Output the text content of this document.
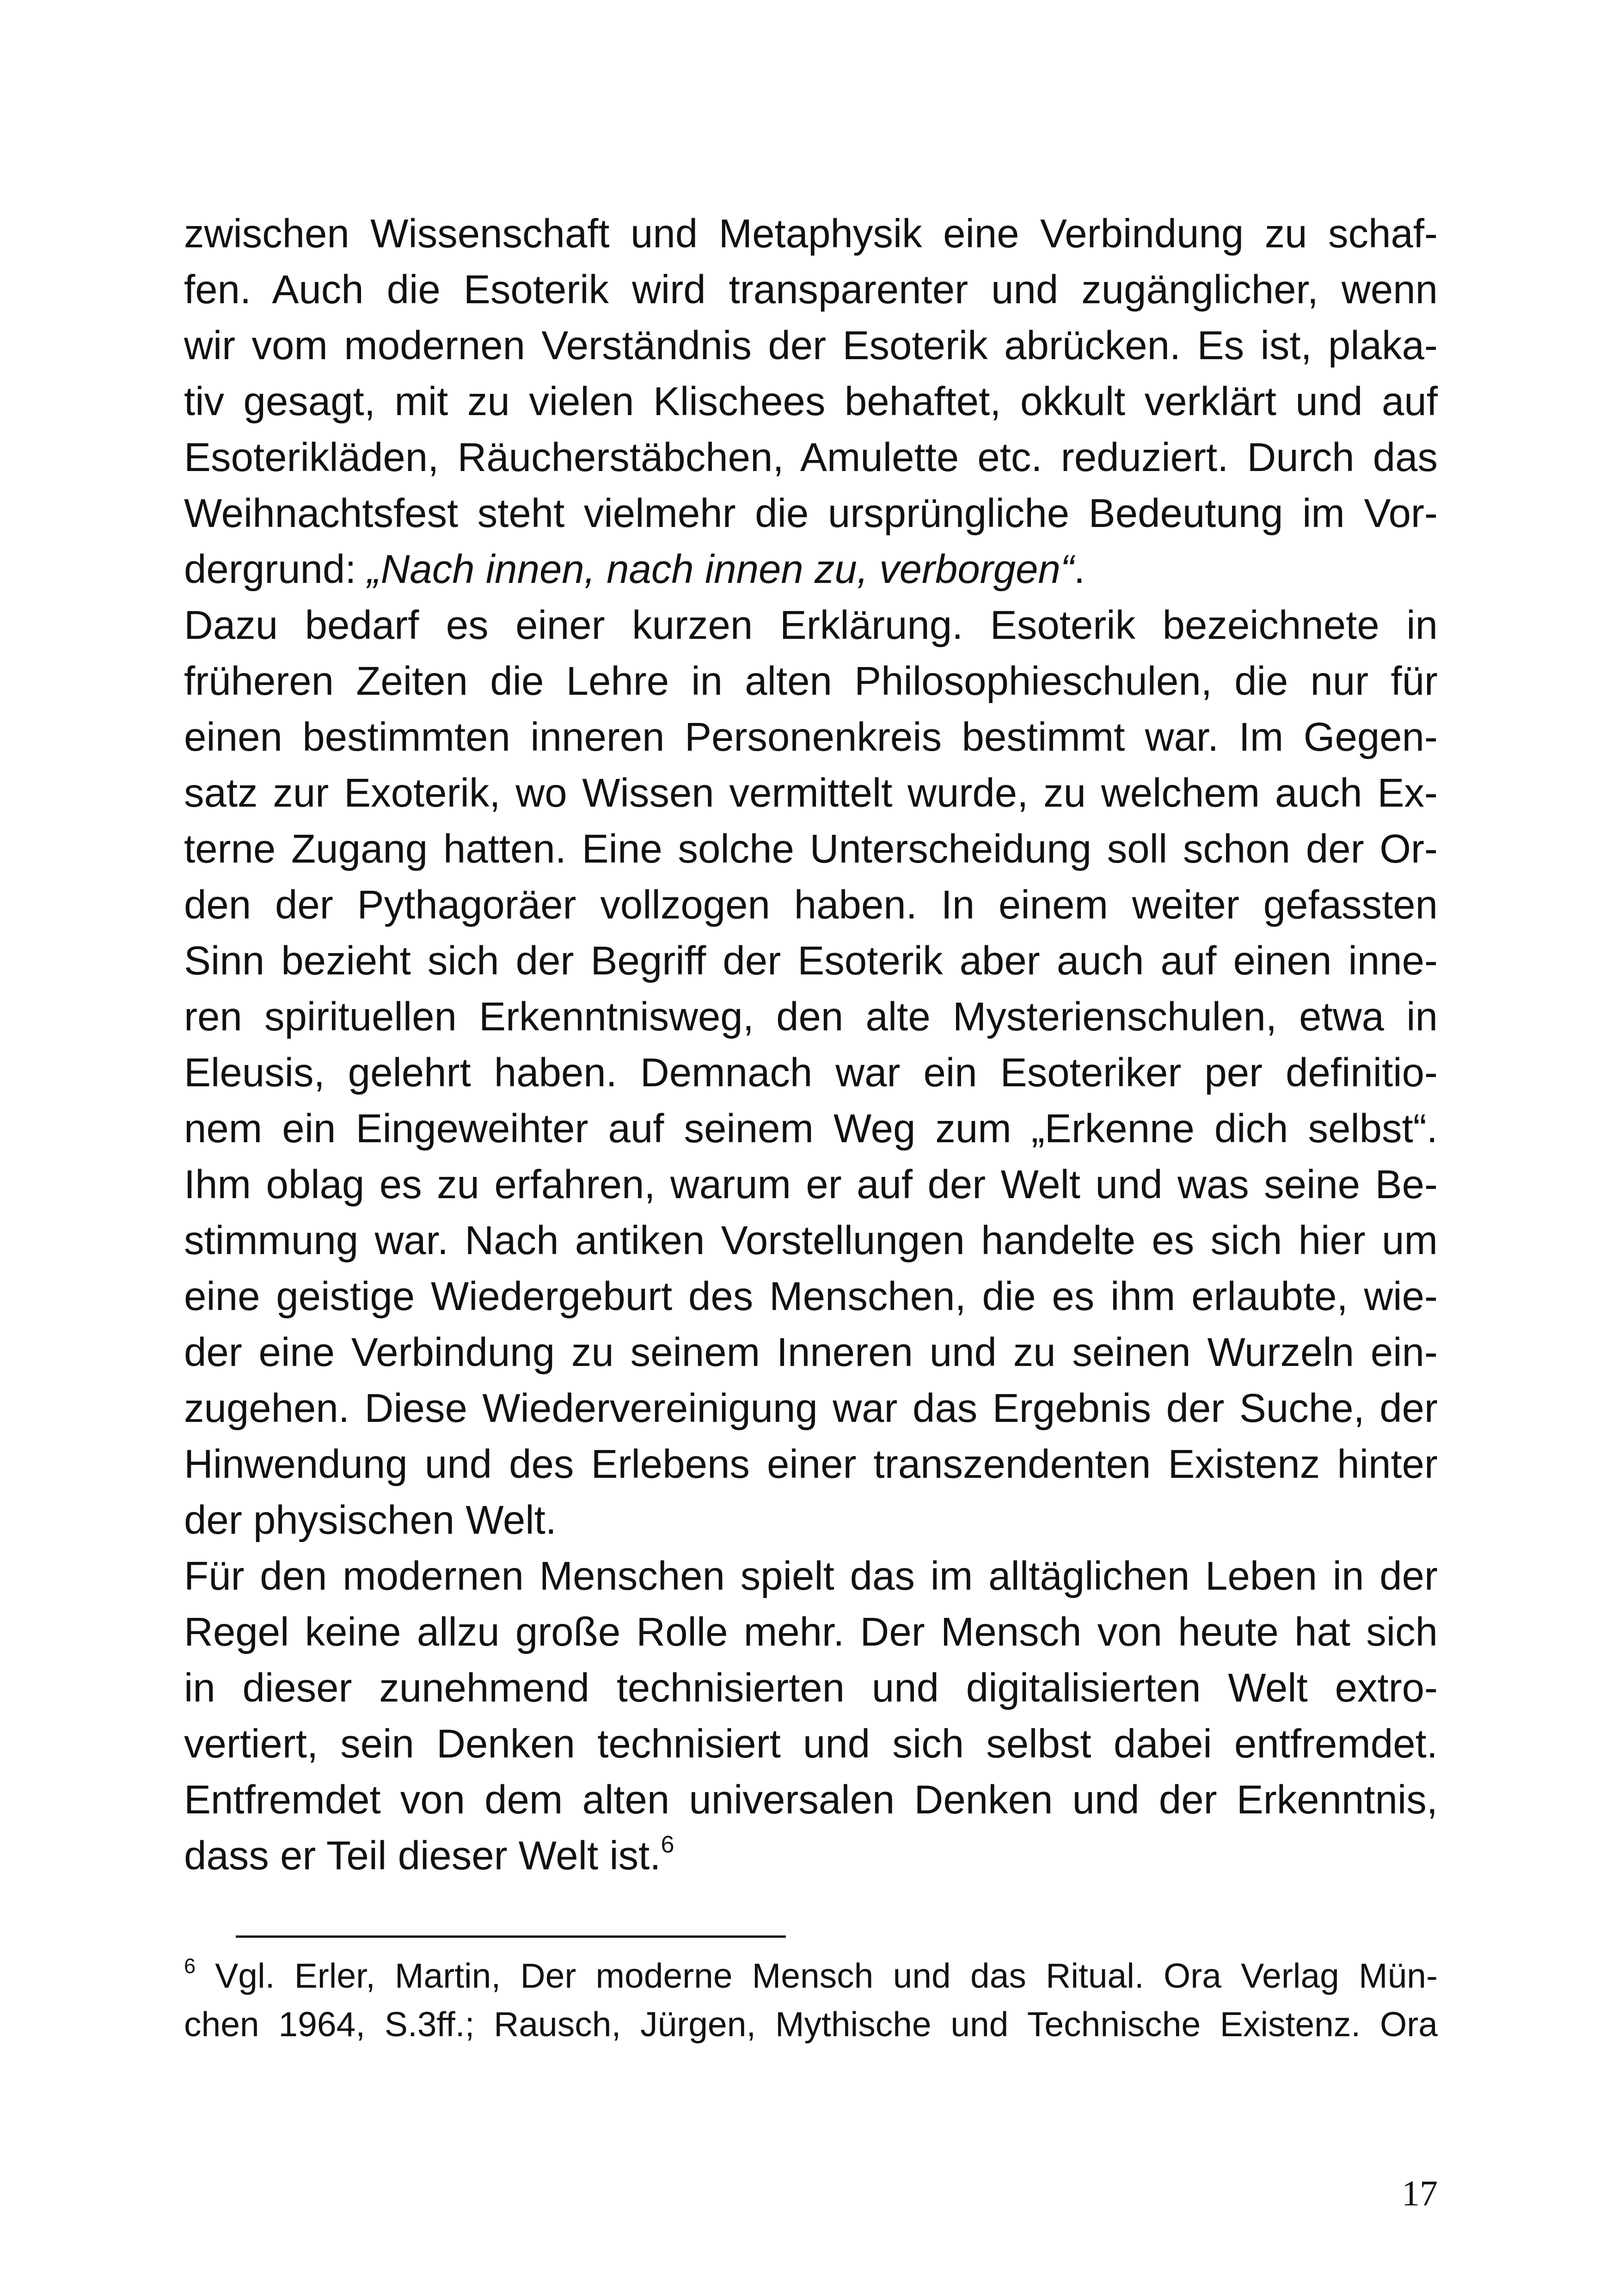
zwischen Wissenschaft und Metaphysik eine Verbindung zu schaf-
fen. Auch die Esoterik wird transparenter und zugänglicher, wenn
wir vom modernen Verständnis der Esoterik abrücken. Es ist, plaka-
tiv gesagt, mit zu vielen Klischees behaftet, okkult verklärt und auf
Esoterikläden, Räucherstäbchen, Amulette etc. reduziert. Durch das
Weihnachtsfest steht vielmehr die ursprüngliche Bedeutung im Vor-
dergrund: „Nach innen, nach innen zu, verborgen“.
Dazu bedarf es einer kurzen Erklärung. Esoterik bezeichnete in
früheren Zeiten die Lehre in alten Philosophieschulen, die nur für
einen bestimmten inneren Personenkreis bestimmt war. Im Gegen-
satz zur Exoterik, wo Wissen vermittelt wurde, zu welchem auch Ex-
terne Zugang hatten. Eine solche Unterscheidung soll schon der Or-
den der Pythagoräer vollzogen haben. In einem weiter gefassten
Sinn bezieht sich der Begriff der Esoterik aber auch auf einen inne-
ren spirituellen Erkenntnisweg, den alte Mysterienschulen, etwa in
Eleusis, gelehrt haben. Demnach war ein Esoteriker per definitio-
nem ein Eingeweihter auf seinem Weg zum „Erkenne dich selbst“.
Ihm oblag es zu erfahren, warum er auf der Welt und was seine Be-
stimmung war. Nach antiken Vorstellungen handelte es sich hier um
eine geistige Wiedergeburt des Menschen, die es ihm erlaubte, wie-
der eine Verbindung zu seinem Inneren und zu seinen Wurzeln ein-
zugehen. Diese Wiedervereinigung war das Ergebnis der Suche, der
Hinwendung und des Erlebens einer transzendenten Existenz hinter
der physischen Welt.
Für den modernen Menschen spielt das im alltäglichen Leben in der
Regel keine allzu große Rolle mehr. Der Mensch von heute hat sich
in dieser zunehmend technisierten und digitalisierten Welt extro-
vertiert, sein Denken technisiert und sich selbst dabei entfremdet.
Entfremdet von dem alten universalen Denken und der Erkenntnis,
dass er Teil dieser Welt ist.$^6$
$^6$ Vgl. Erler, Martin, Der moderne Mensch und das Ritual. Ora Verlag Mün-
chen 1964, S.3ff.; Rausch, Jürgen, Mythische und Technische Existenz. Ora
17
